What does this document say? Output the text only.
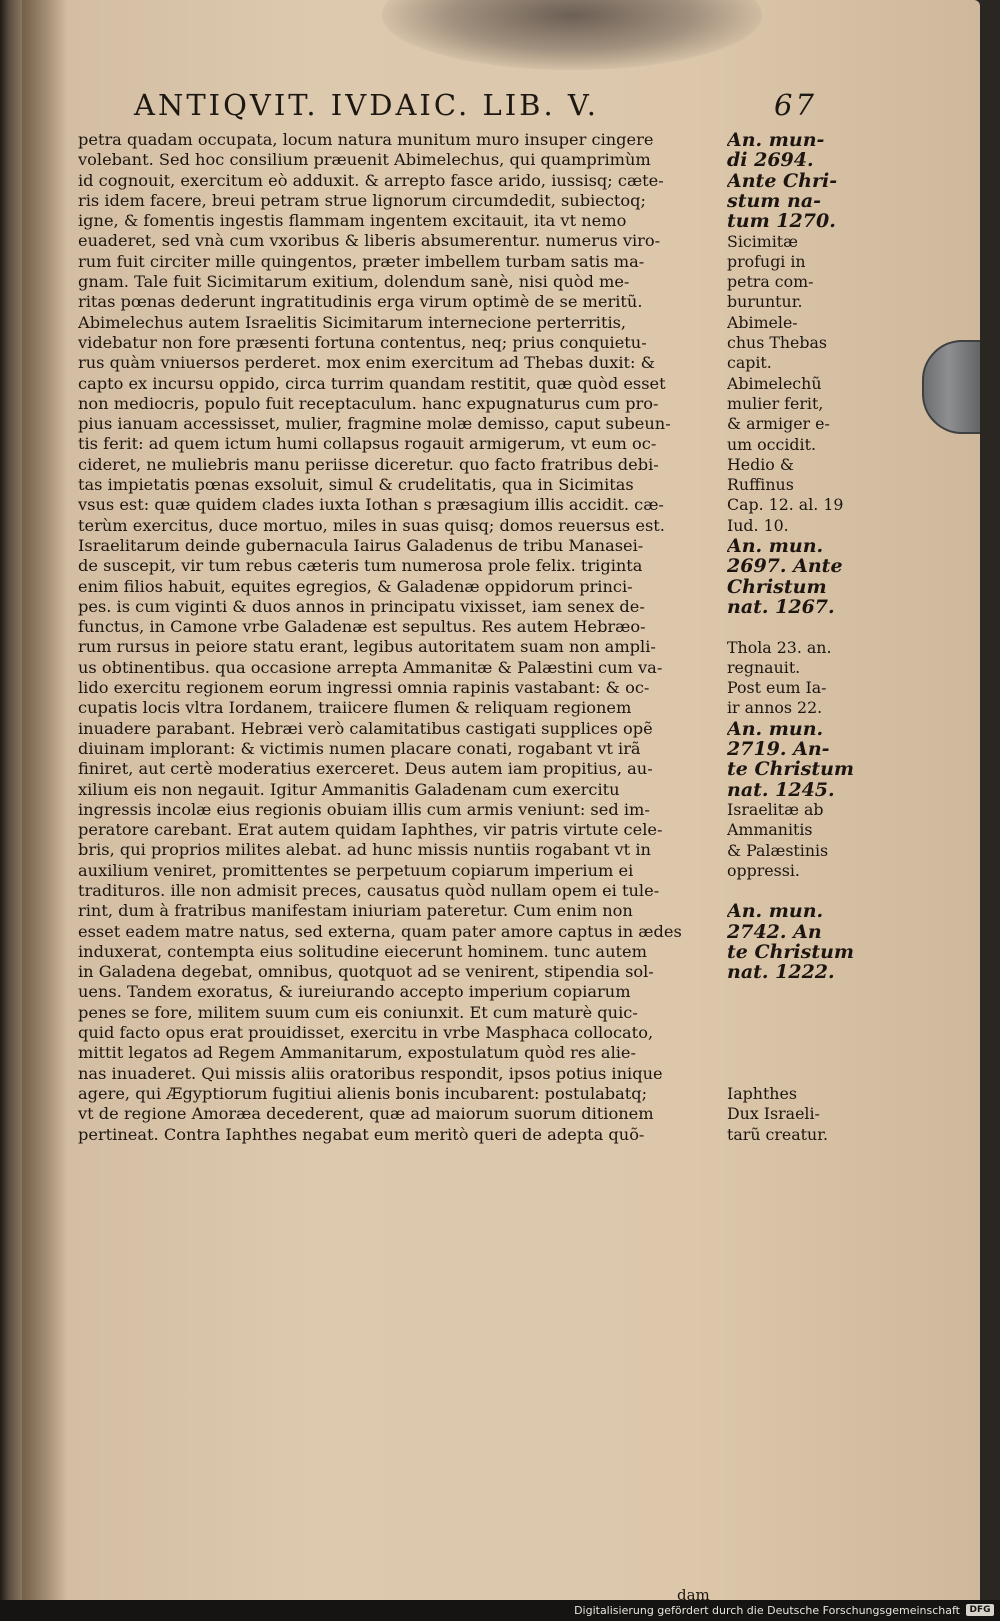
ANTIQVIT. IVDAIC. LIB. V.	67
petra quadam occupata, locum natura munitum muro insuper cingere
volebant. Sed hoc consilium præuenit Abimelechus, qui quamprimùm
id cognouit, exercitum eò adduxit. & arrepto fasce arido, iussisq; cæte-
ris idem facere, breui petram strue lignorum circumdedit, subiectoq;
igne, & fomentis ingestis flammam ingentem excitauit, ita vt nemo
euaderet, sed vnà cum vxoribus & liberis absumerentur. numerus viro-
rum fuit circiter mille quingentos, præter imbellem turbam satis ma-
gnam. Tale fuit Sicimitarum exitium, dolendum sanè, nisi quòd me-
ritas pœnas dederunt ingratitudinis erga virum optimè de se meritũ.
Abimelechus autem Israelitis Sicimitarum internecione perterritis,
videbatur non fore præsenti fortuna contentus, neq; prius conquietu-
rus quàm vniuersos perderet. mox enim exercitum ad Thebas duxit: &
capto ex incursu oppido, circa turrim quandam restitit, quæ quòd esset
non mediocris, populo fuit receptaculum. hanc expugnaturus cum pro-
pius ianuam accessisset, mulier, fragmine molæ demisso, caput subeun-
tis ferit: ad quem ictum humi collapsus rogauit armigerum, vt eum oc-
cideret, ne muliebris manu periisse diceretur. quo facto fratribus debi-
tas impietatis pœnas exsoluit, simul & crudelitatis, qua in Sicimitas
vsus est: quæ quidem clades iuxta Iothan s præsagium illis accidit. cæ-
terùm exercitus, duce mortuo, miles in suas quisq; domos reuersus est.
Israelitarum deinde gubernacula Iairus Galadenus de tribu Manasei-
de suscepit, vir tum rebus cæteris tum numerosa prole felix. triginta
enim filios habuit, equites egregios, & Galadenæ oppidorum princi-
pes. is cum viginti & duos annos in principatu vixisset, iam senex de-
functus, in Camone vrbe Galadenæ est sepultus. Res autem Hebræo-
rum rursus in peiore statu erant, legibus autoritatem suam non ampli-
us obtinentibus. qua occasione arrepta Ammanitæ & Palæstini cum va-
lido exercitu regionem eorum ingressi omnia rapinis vastabant: & oc-
cupatis locis vltra Iordanem, traiicere flumen & reliquam regionem
inuadere parabant. Hebræi verò calamitatibus castigati supplices opẽ
diuinam implorant: & victimis numen placare conati, rogabant vt irã
finiret, aut certè moderatius exerceret. Deus autem iam propitius, au-
xilium eis non negauit. Igitur Ammanitis Galadenam cum exercitu
ingressis incolæ eius regionis obuiam illis cum armis veniunt: sed im-
peratore carebant. Erat autem quidam Iaphthes, vir patris virtute cele-
bris, qui proprios milites alebat. ad hunc missis nuntiis rogabant vt in
auxilium veniret, promittentes se perpetuum copiarum imperium ei
tradituros. ille non admisit preces, causatus quòd nullam opem ei tule-
rint, dum à fratribus manifestam iniuriam pateretur. Cum enim non
esset eadem matre natus, sed externa, quam pater amore captus in ædes
induxerat, contempta eius solitudine eiecerunt hominem. tunc autem
in Galadena degebat, omnibus, quotquot ad se venirent, stipendia sol-
uens. Tandem exoratus, & iureiurando accepto imperium copiarum
penes se fore, militem suum cum eis coniunxit. Et cum maturè quic-
quid facto opus erat prouidisset, exercitu in vrbe Masphaca collocato,
mittit legatos ad Regem Ammanitarum, expostulatum quòd res alie-
nas inuaderet. Qui missis aliis oratoribus respondit, ipsos potius inique
agere, qui Ægyptiorum fugitiui alienis bonis incubarent: postulabatq;
vt de regione Amoræa decederent, quæ ad maiorum suorum ditionem
pertineat. Contra Iaphthes negabat eum meritò queri de adepta quõ-
An. mun-
di 2694.
Ante Chri-
stum na-
tum 1270.
Sicimitæ
profugi in
petra com-
buruntur.
Abimele-
chus Thebas
capit.
Abimelechũ
mulier ferit,
& armiger e-
um occidit.
Hedio &
Ruffinus
Cap. 12. al. 19
Iud. 10.
An. mun.
2697. Ante
Christum
nat. 1267.
Thola 23. an.
regnauit.
Post eum Ia-
ir annos 22.
An. mun.
2719. An-
te Christum
nat. 1245.
Israelitæ ab
Ammanitis
& Palæstinis
oppressi.
An. mun.
2742. An
te Christum
nat. 1222.
Iaphthes
Dux Israeli-
tarũ creatur.
dam
Digitalisierung gefördert durch die Deutsche Forschungsgemeinschaft	DFG
